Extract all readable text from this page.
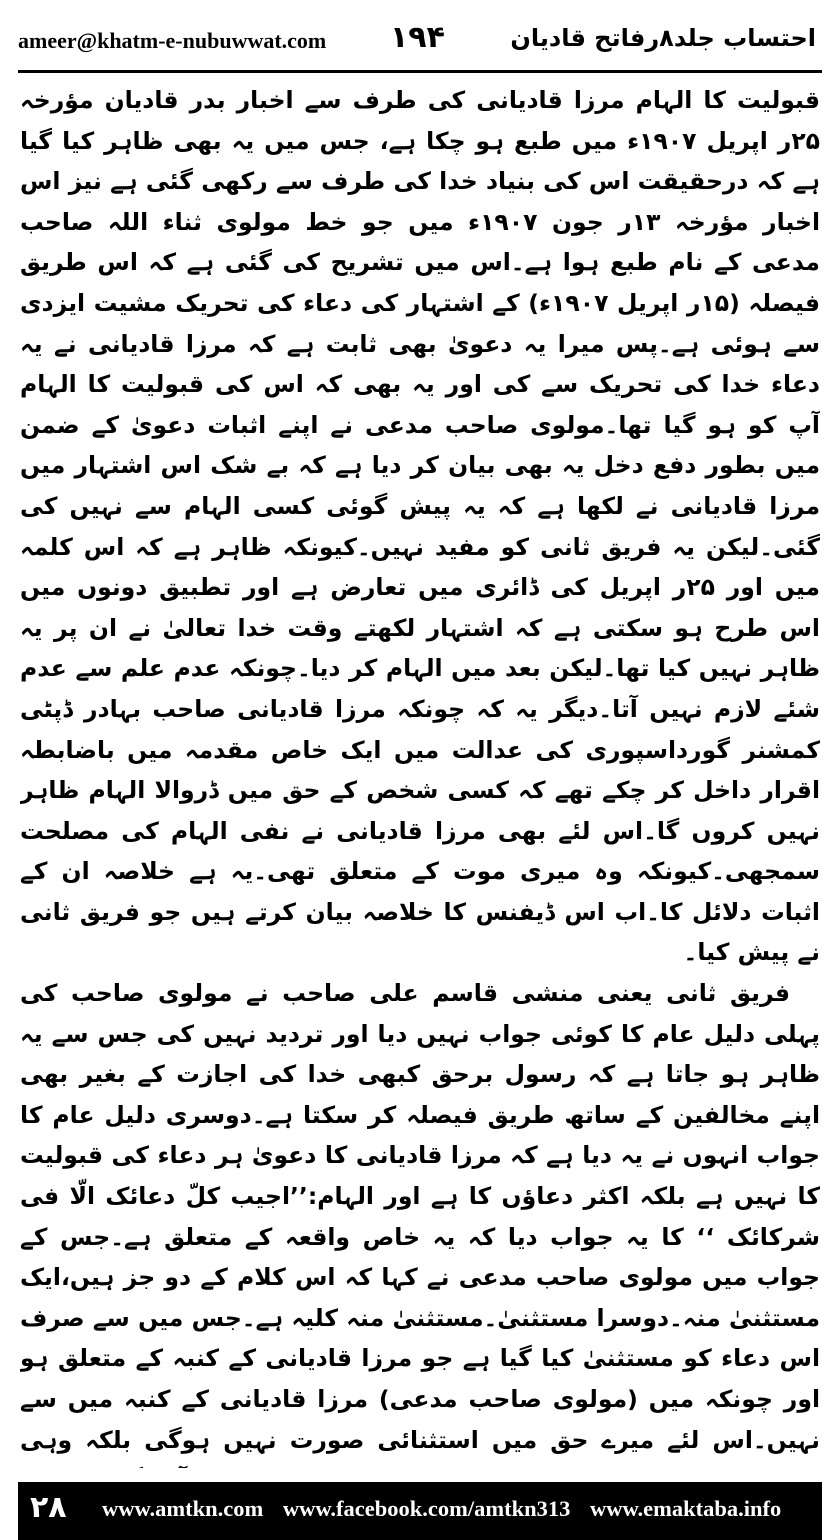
ameer@khatm-e-nubuwwat.com ۱۹۴	احتساب جلد۸رفاتح قادیان

قبولیت کا الہام مرزا قادیانی کی طرف سے اخبار بدر قادیان مؤرخہ ۲۵ر اپریل ۱۹۰۷ء میں طبع ہو چکا ہے، جس میں یہ بھی ظاہر کیا گیا ہے کہ درحقیقت اس کی بنیاد خدا کی طرف سے رکھی گئی ہے نیز اس اخبار مؤرخہ ۱۳ر جون ۱۹۰۷ء میں جو خط مولوی ثناء اللہ صاحب مدعی کے نام طبع ہوا ہے۔اس میں تشریح کی گئی ہے کہ اس طریق فیصلہ (۱۵ر اپریل ۱۹۰۷ء) کے اشتہار کی دعاء کی تحریک مشیت ایزدی سے ہوئی ہے۔پس میرا یہ دعویٰ بھی ثابت ہے کہ مرزا قادیانی نے یہ دعاء خدا کی تحریک سے کی اور یہ بھی کہ اس کی قبولیت کا الہام آپ کو ہو گیا تھا۔مولوی صاحب مدعی نے اپنے اثبات دعویٰ کے ضمن میں بطور دفع دخل یہ بھی بیان کر دیا ہے کہ بے شک اس اشتہار میں مرزا قادیانی نے لکھا ہے کہ یہ پیش گوئی کسی الہام سے نہیں کی گئی۔لیکن یہ فریق ثانی کو مفید نہیں۔کیونکہ ظاہر ہے کہ اس کلمہ میں اور ۲۵ر اپریل کی ڈائری میں تعارض ہے اور تطبیق دونوں میں اس طرح ہو سکتی ہے کہ اشتہار لکھتے وقت خدا تعالیٰ نے ان پر یہ ظاہر نہیں کیا تھا۔لیکن بعد میں الہام کر دیا۔چونکہ عدم علم سے عدم شئے لازم نہیں آتا۔دیگر یہ کہ چونکہ مرزا قادیانی صاحب بہادر ڈپٹی کمشنر گورداسپوری کی عدالت میں ایک خاص مقدمہ میں باضابطہ اقرار داخل کر چکے تھے کہ کسی شخص کے حق میں ڈروالا الہام ظاہر نہیں کروں گا۔اس لئے بھی مرزا قادیانی نے نفی الہام کی مصلحت سمجھی۔کیونکہ وہ میری موت کے متعلق تھی۔یہ ہے خلاصہ ان کے اثبات دلائل کا۔اب اس ڈیفنس کا خلاصہ بیان کرتے ہیں جو فریق ثانی نے پیش کیا۔

فریق ثانی یعنی منشی قاسم علی صاحب نے مولوی صاحب کی پہلی دلیل عام کا کوئی جواب نہیں دیا اور تردید نہیں کی جس سے یہ ظاہر ہو جاتا ہے کہ رسول برحق کبھی خدا کی اجازت کے بغیر بھی اپنے مخالفین کے ساتھ طریق فیصلہ کر سکتا ہے۔دوسری دلیل عام کا جواب انہوں نے یہ دیا ہے کہ مرزا قادیانی کا دعویٰ ہر دعاء کی قبولیت کا نہیں ہے بلکہ اکثر دعاؤں کا ہے اور الہام:’’اجیب کلّ دعائک الّا فی شرکائک ‘‘ کا یہ جواب دیا کہ یہ خاص واقعہ کے متعلق ہے۔جس کے جواب میں مولوی صاحب مدعی نے کہا کہ اس کلام کے دو جز ہیں،ایک مستثنیٰ منہ۔دوسرا مستثنیٰ۔مستثنیٰ منہ کلیہ ہے۔جس میں سے صرف اس دعاء کو مستثنیٰ کیا گیا ہے جو مرزا قادیانی کے کنبہ کے متعلق ہو اور چونکہ میں (مولوی صاحب مدعی) مرزا قادیانی کے کنبہ میں سے نہیں۔اس لئے میرے حق میں استثنائی صورت نہیں ہوگی بلکہ وہی

۲۸ www.amtkn.com www.facebook.com/amtkn313 www.emaktaba.info
